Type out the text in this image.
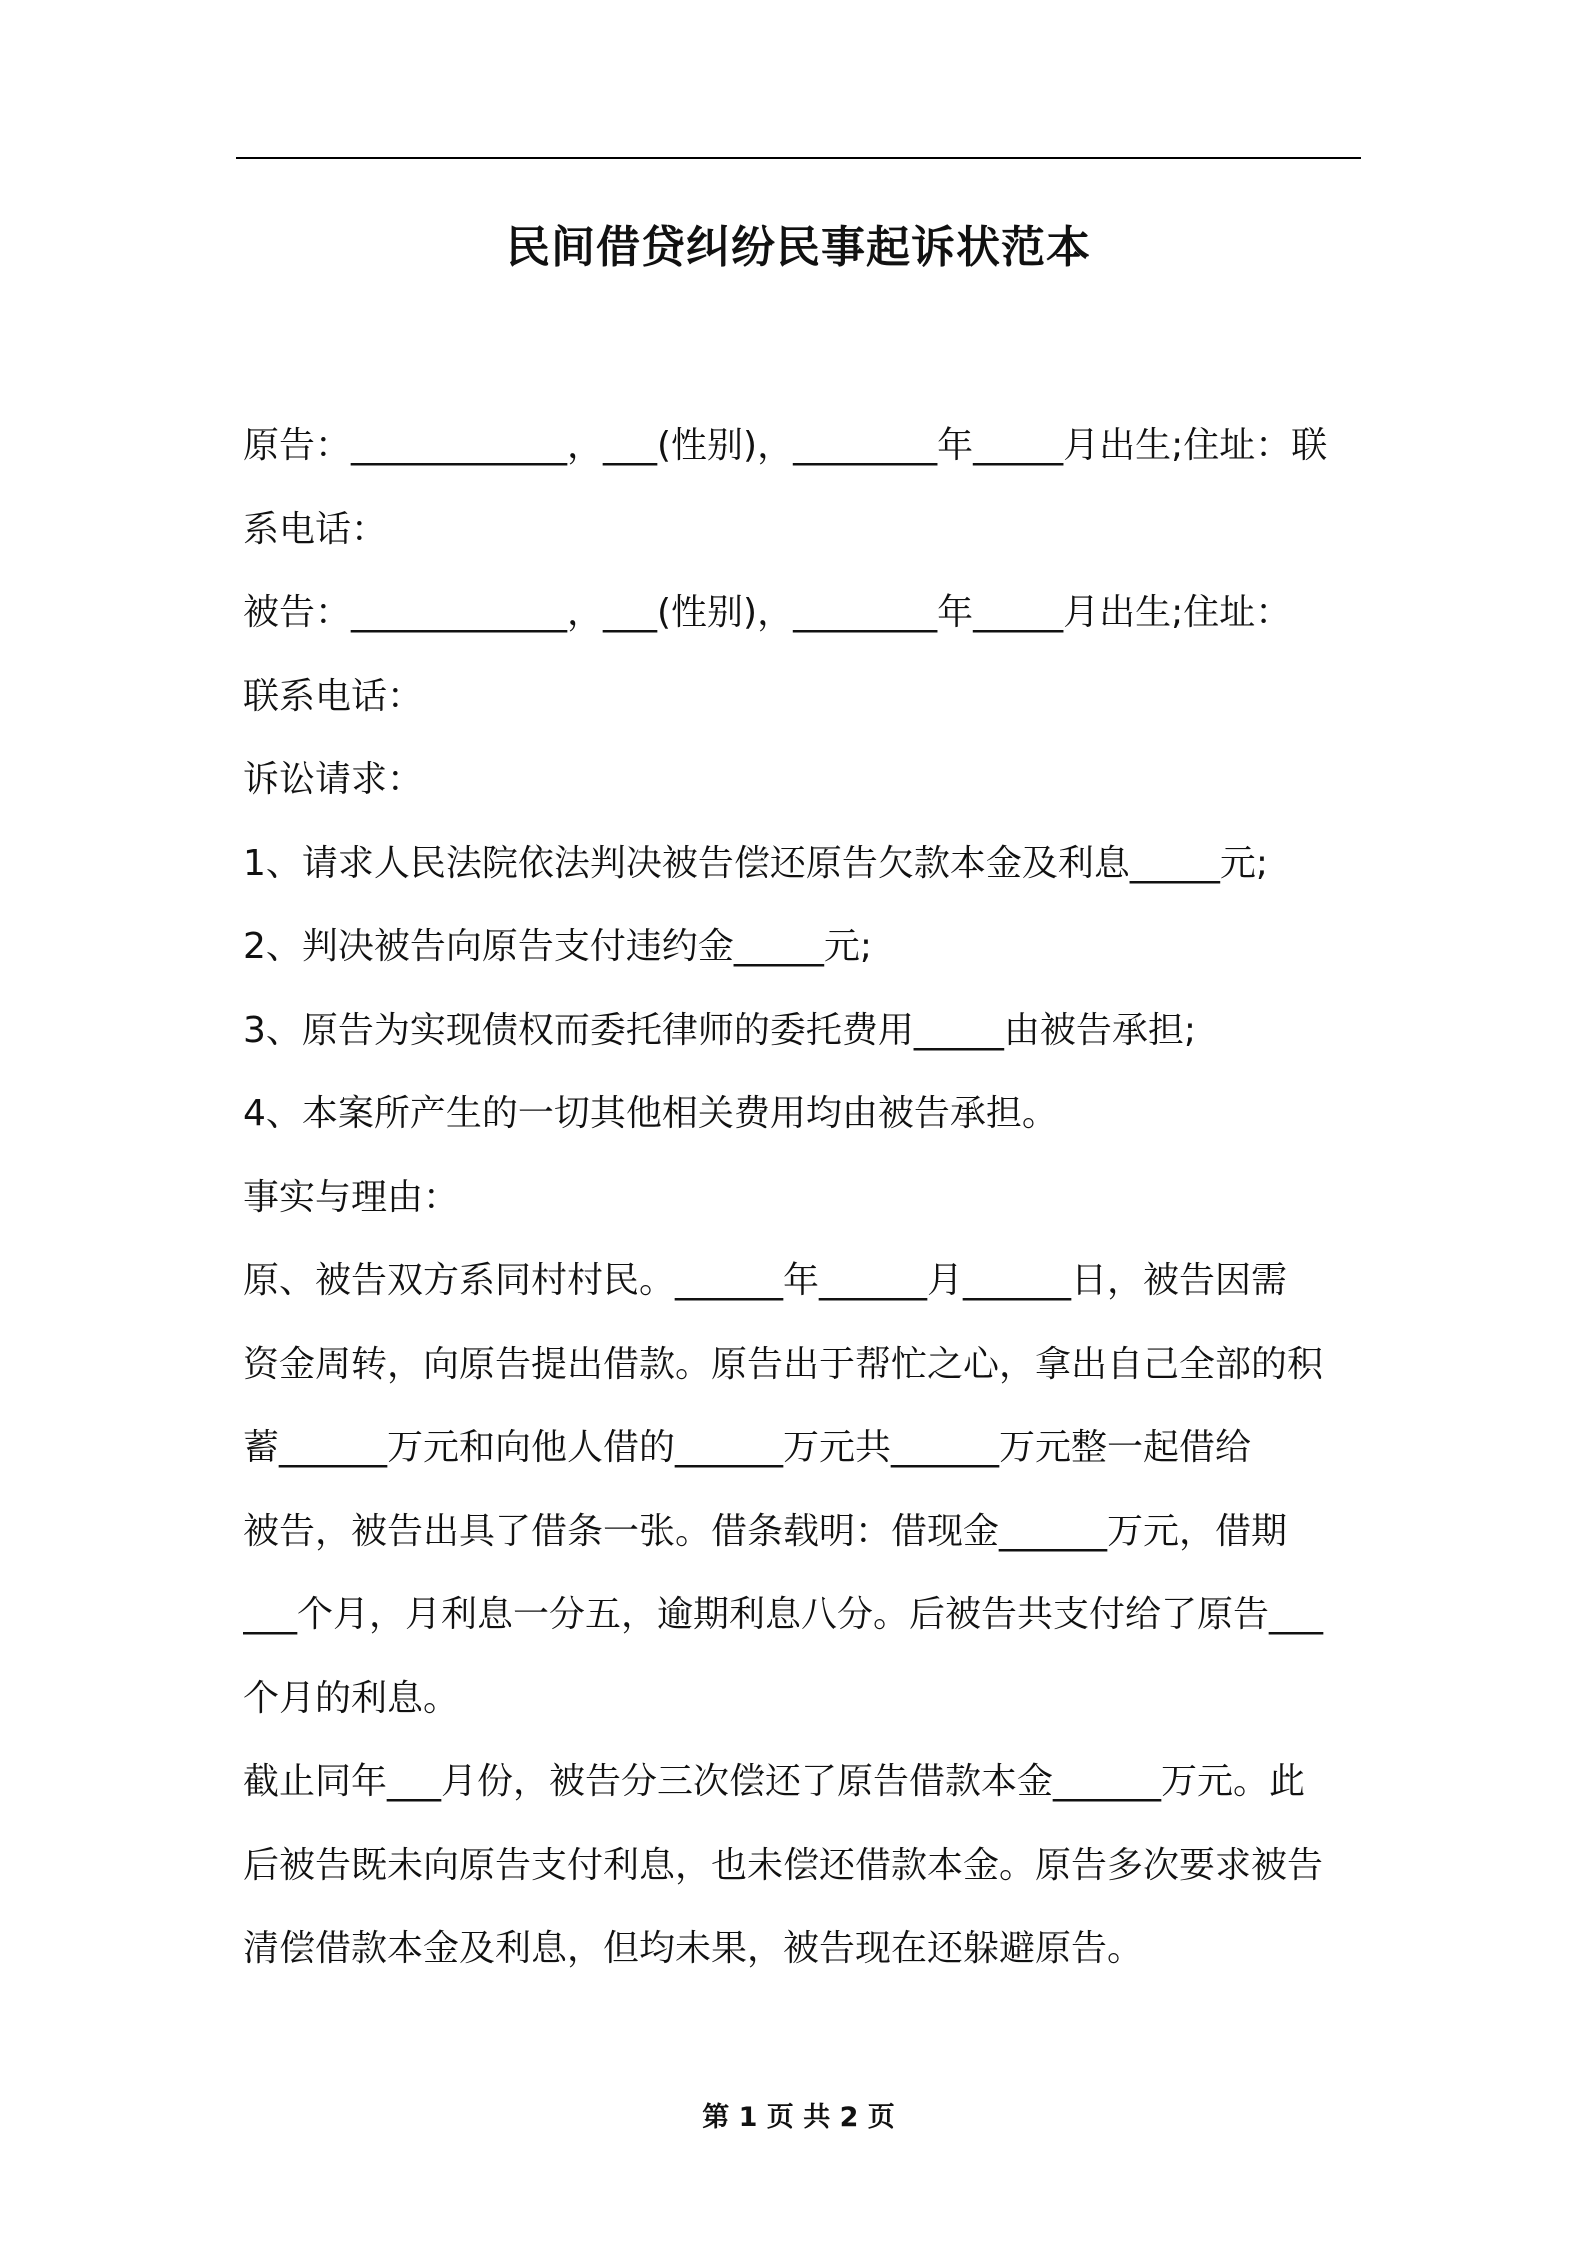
民间借贷纠纷民事起诉状范本
原告：____________，___(性别)，________年_____月出生;住址：联
系电话：
被告：____________，___(性别)，________年_____月出生;住址：
联系电话：
诉讼请求：
1、请求人民法院依法判决被告偿还原告欠款本金及利息_____元;
2、判决被告向原告支付违约金_____元;
3、原告为实现债权而委托律师的委托费用_____由被告承担;
4、本案所产生的一切其他相关费用均由被告承担。
事实与理由：
原、被告双方系同村村民。______年______月______日，被告因需
资金周转，向原告提出借款。原告出于帮忙之心，拿出自己全部的积
蓄______万元和向他人借的______万元共______万元整一起借给
被告，被告出具了借条一张。借条载明：借现金______万元，借期
___个月，月利息一分五，逾期利息八分。后被告共支付给了原告___
个月的利息。
截止同年___月份，被告分三次偿还了原告借款本金______万元。此
后被告既未向原告支付利息，也未偿还借款本金。原告多次要求被告
清偿借款本金及利息，但均未果，被告现在还躲避原告。
第 1 页 共 2 页
